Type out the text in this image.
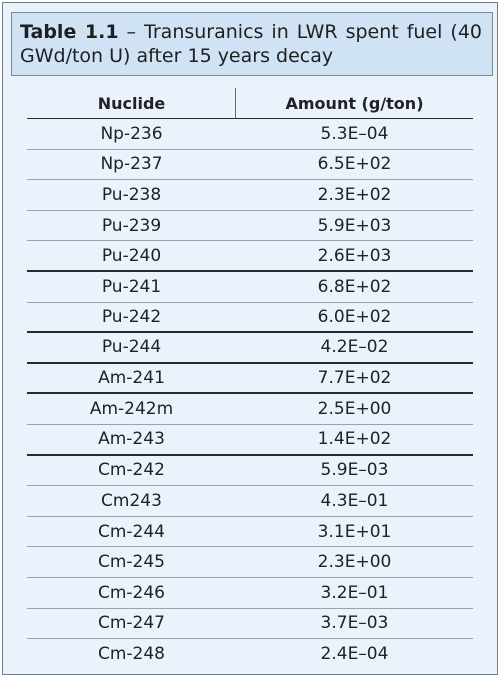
Table 1.1 – Transuranics in LWR spent fuel (40 GWd/ton U) after 15 years decay
Nuclide	Amount (g/ton)
Np-236	5.3E–04
Np-237	6.5E+02
Pu-238	2.3E+02
Pu-239	5.9E+03
Pu-240	2.6E+03
Pu-241	6.8E+02
Pu-242	6.0E+02
Pu-244	4.2E–02
Am-241	7.7E+02
Am-242m	2.5E+00
Am-243	1.4E+02
Cm-242	5.9E–03
Cm243	4.3E–01
Cm-244	3.1E+01
Cm-245	2.3E+00
Cm-246	3.2E–01
Cm-247	3.7E–03
Cm-248	2.4E–04
